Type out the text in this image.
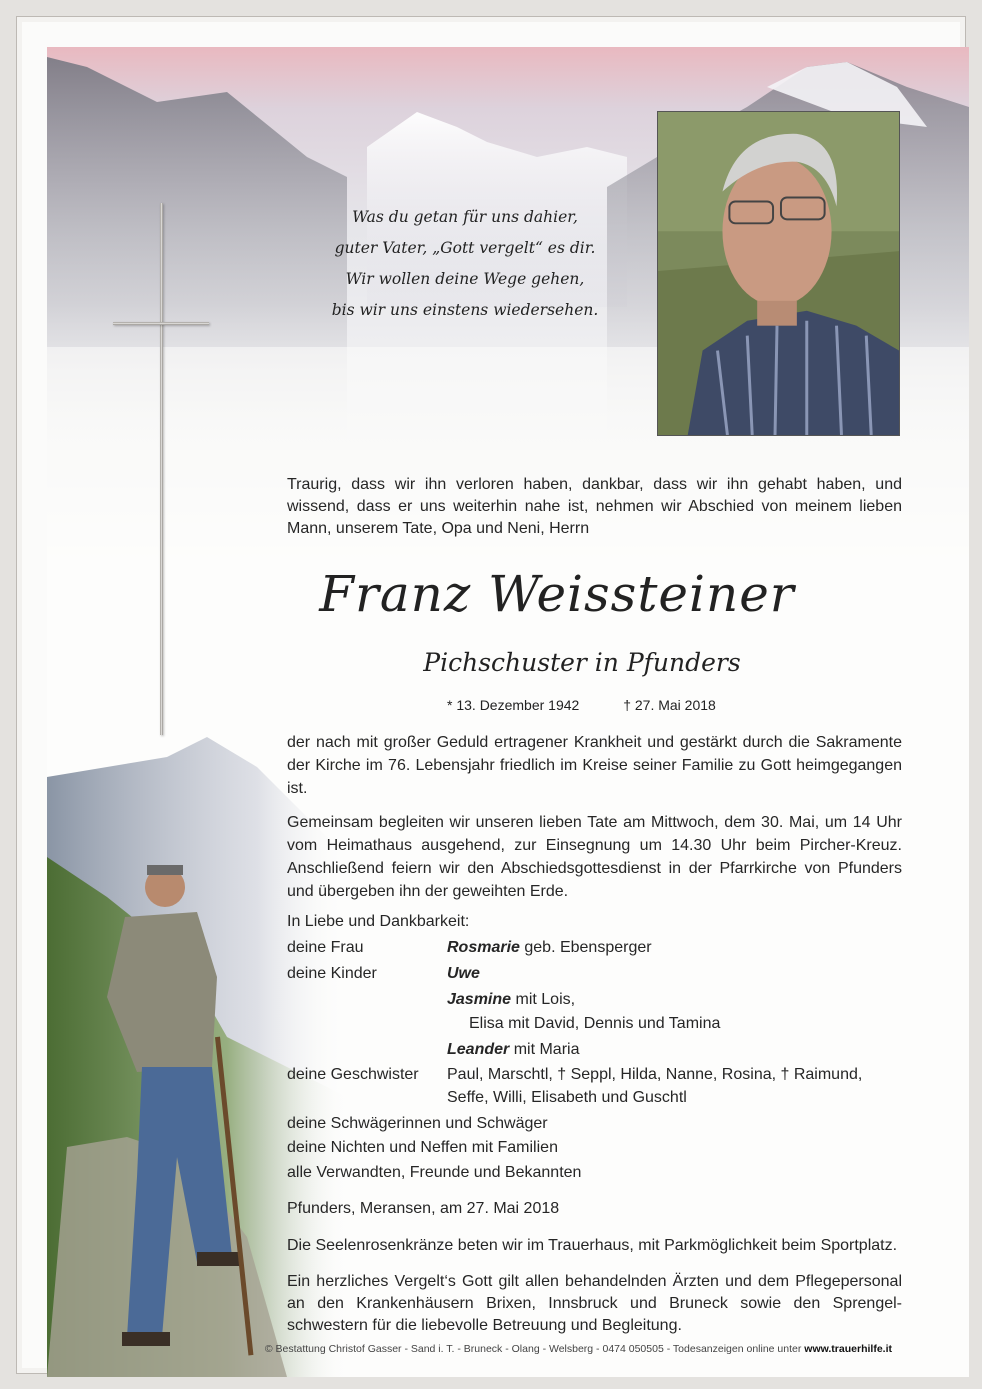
Was du getan für uns dahier,
guter Vater, „Gott vergelt“ es dir.
Wir wollen deine Wege gehen,
bis wir uns einstens wiedersehen.
Traurig, dass wir ihn verloren haben, dankbar, dass wir ihn gehabt haben, und wissend, dass er uns weiterhin nahe ist, nehmen wir Abschied von meinem lieben Mann, unserem Tate, Opa und Neni, Herrn
Franz Weissteiner
Pichschuster in Pfunders
* 13. Dezember 1942	† 27. Mai 2018
der nach mit großer Geduld ertragener Krankheit und gestärkt durch die Sakramente der Kirche im 76. Lebensjahr friedlich im Kreise seiner Familie zu Gott heimgegangen ist.
Gemeinsam begleiten wir unseren lieben Tate am Mittwoch, dem 30. Mai, um 14 Uhr vom Heimathaus ausgehend, zur Einsegnung um 14.30 Uhr beim Pircher-Kreuz. Anschließend feiern wir den Abschiedsgottesdienst in der Pfarrkirche von Pfunders und übergeben ihn der geweihten Erde.
In Liebe und Dankbarkeit:
deine Frau	Rosmarie geb. Ebensperger
deine Kinder	Uwe
Jasmine mit Lois,
Elisa mit David, Dennis und Tamina
Leander mit Maria
deine Geschwister Paul, Marschtl, † Seppl, Hilda, Nanne, Rosina, † Raimund,
Seffe, Willi, Elisabeth und Guschtl
deine Schwägerinnen und Schwäger
deine Nichten und Neffen mit Familien
alle Verwandten, Freunde und Bekannten
Pfunders, Meransen, am 27. Mai 2018
Die Seelenrosenkränze beten wir im Trauerhaus, mit Parkmöglichkeit beim Sportplatz.
Ein herzliches Vergelt‘s Gott gilt allen behandelnden Ärzten und dem Pflegepersonal an den Krankenhäusern Brixen, Innsbruck und Bruneck sowie den Sprengel-schwestern für die liebevolle Betreuung und Begleitung.
© Bestattung Christof Gasser - Sand i. T. - Bruneck - Olang - Welsberg - 0474 050505 - Todesanzeigen online unter www.trauerhilfe.it
